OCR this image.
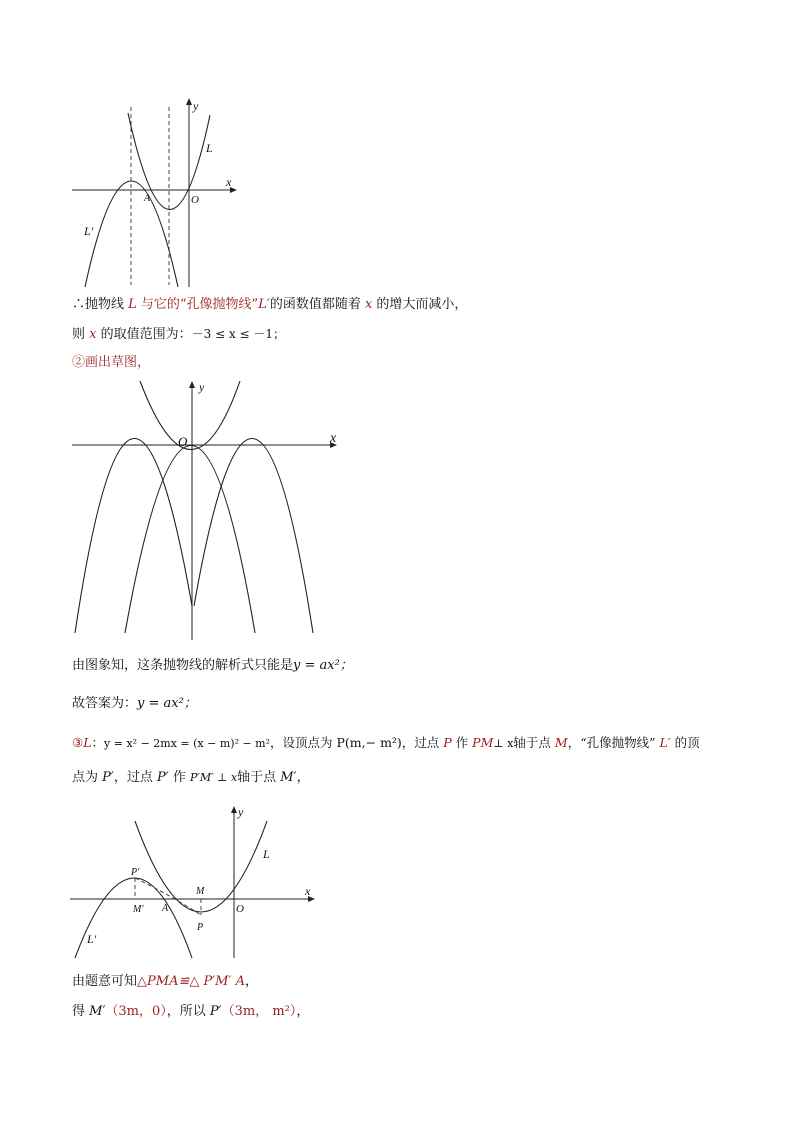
y
x
L
L′
A	O
∴抛物线 L 与它的“孔像抛物线”L′的函数值都随着 x 的增大而减小，
则 x 的取值范围为：－3 ≤ x ≤ －1；
②画出草图，
y
x
O
由图象知，这条抛物线的解析式只能是y = ax²；
故答案为：y = ax²；
③L：y = x² − 2mx = (x − m)² − m²，设顶点为 P(m,− m²)，过点 P 作 PM⊥ x轴于点 M，“孔像抛物线” L′ 的顶
点为 P′，过点 P′ 作 P′M′ ⊥ x轴于点 M′，
y
x
L
L′
P′
M′ A
M
O
P
由题意可知△PMA≌△ P′M′ A，
得 M′（3m，0），所以 P′（3m， m²），
